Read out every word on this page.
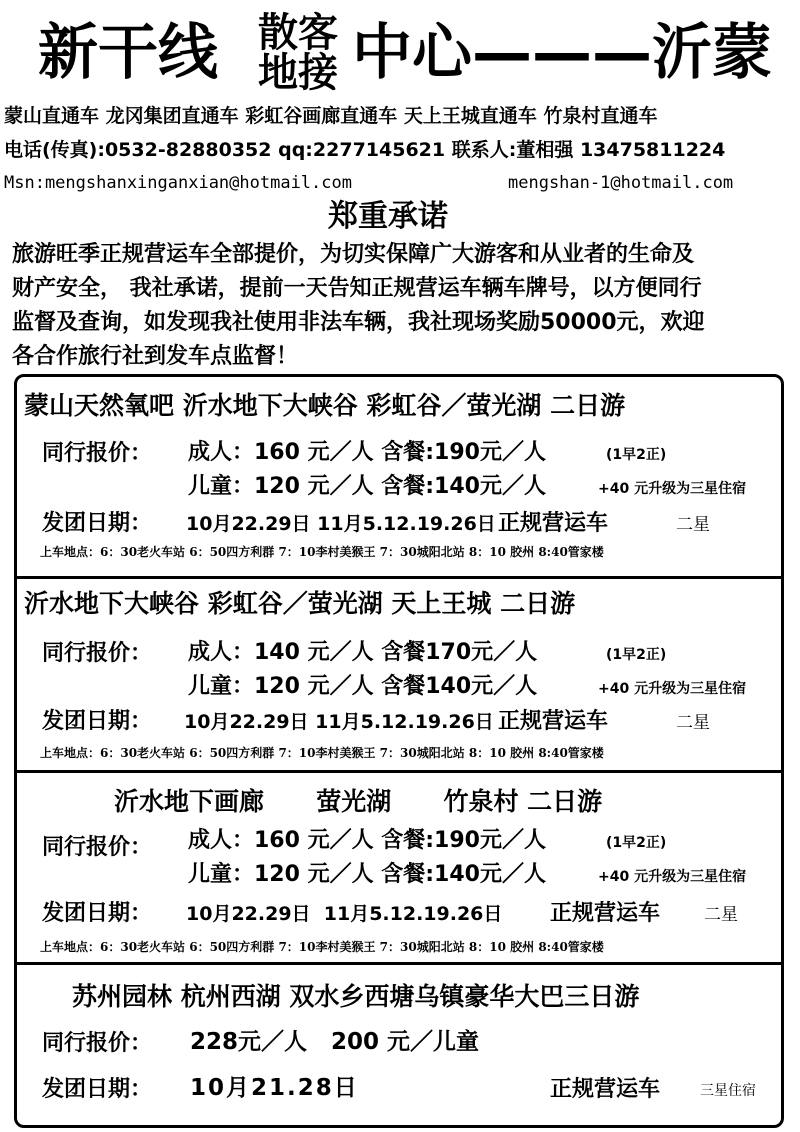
新干线 散客
地接 中心———沂蒙
蒙山直通车 龙冈集团直通车 彩虹谷画廊直通车 天上王城直通车 竹泉村直通车
电话(传真):0532-82880352 qq:2277145621 联系人:董相强 13475811224
Msn:mengshanxinganxian@hotmail.com	mengshan-1@hotmail.com
郑重承诺
旅游旺季正规营运车全部提价，为切实保障广大游客和从业者的生命及
财产安全， 我社承诺，提前一天告知正规营运车辆车牌号，以方便同行
监督及查询，如发现我社使用非法车辆，我社现场奖励50000元，欢迎
各合作旅行社到发车点监督！
蒙山天然氧吧 沂水地下大峡谷 彩虹谷／萤光湖 二日游
同行报价： 成人：160 元／人 含餐:190元／人	(1早2正)
儿童：120 元／人 含餐:140元／人	+40 元升级为三星住宿
发团日期： 10月22.29日 11月5.12.19.26日 正规营运车	二星
上车地点：6：30老火车站 6：50四方利群 7：10李村美猴王 7：30城阳北站 8：10 胶州 8:40管家楼
沂水地下大峡谷 彩虹谷／萤光湖 天上王城 二日游
同行报价： 成人：140 元／人 含餐170元／人	(1早2正)
儿童：120 元／人 含餐140元／人	+40 元升级为三星住宿
发团日期： 10月22.29日 11月5.12.19.26日 正规营运车	二星
上车地点：6：30老火车站 6：50四方利群 7：10李村美猴王 7：30城阳北站 8：10 胶州 8:40管家楼
沂水地下画廊      萤光湖      竹泉村 二日游
同行报价： 成人：160 元／人 含餐:190元／人	(1早2正)
儿童：120 元／人 含餐:140元／人	+40 元升级为三星住宿
发团日期： 10月22.29日  11月5.12.19.26日 正规营运车	二星
上车地点：6：30老火车站 6：50四方利群 7：10李村美猴王 7：30城阳北站 8：10 胶州 8:40管家楼
苏州园林 杭州西湖 双水乡西塘乌镇豪华大巴三日游
同行报价： 228元／人   200 元／儿童
发团日期： 10月21.28日	正规营运车	三星住宿
